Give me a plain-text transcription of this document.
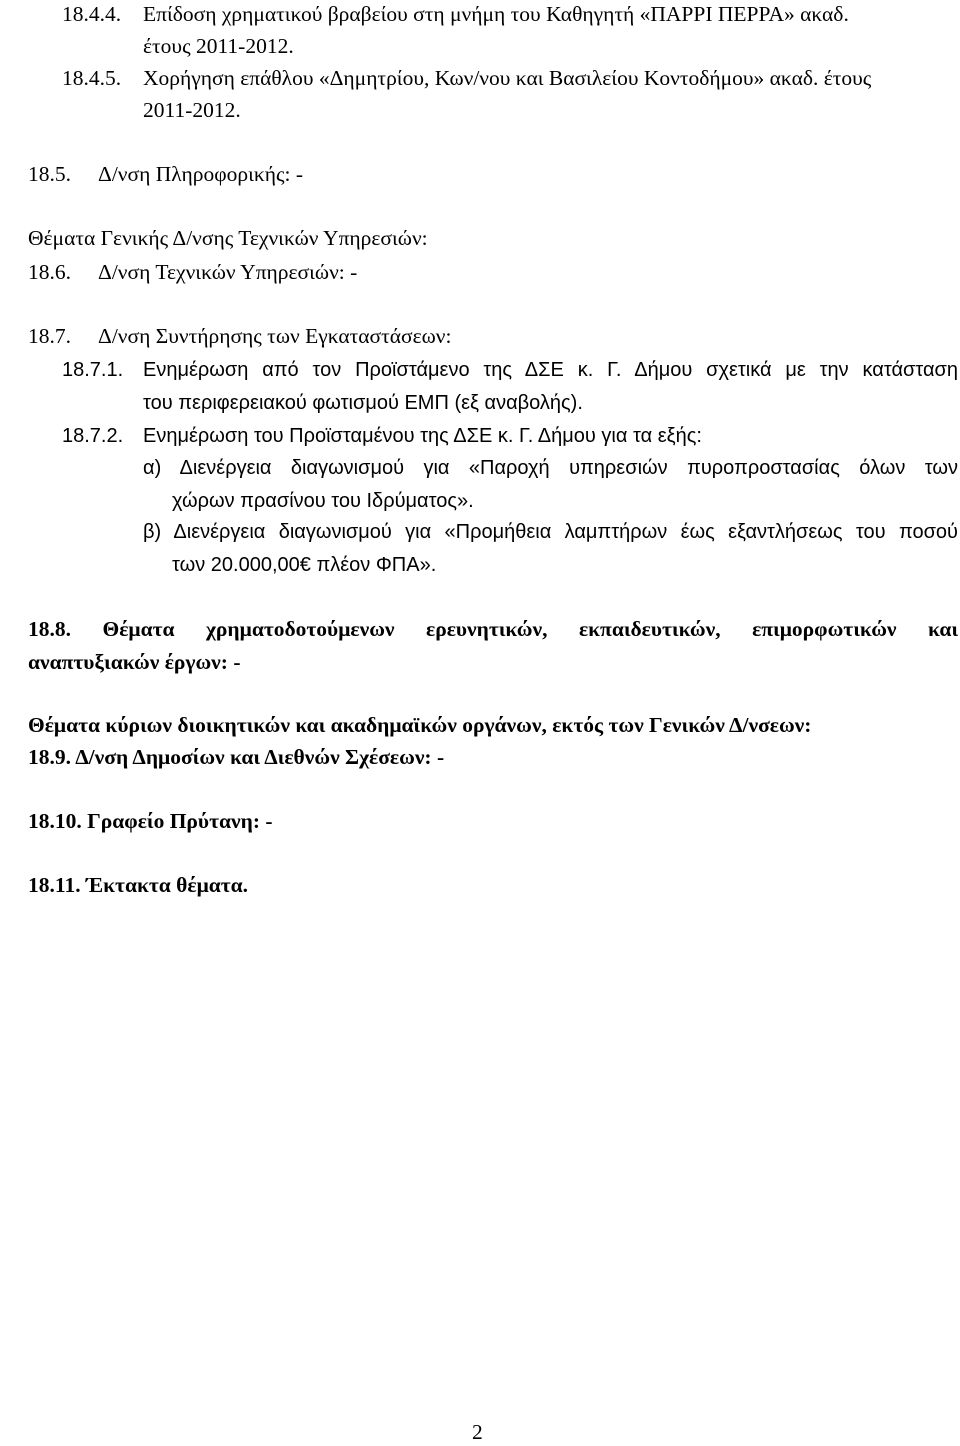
18.4.4. Επίδοση χρηματικού βραβείου στη μνήμη του Καθηγητή «ΠΑΡΡΙ ΠΕΡΡΑ» ακαδ.
έτους 2011-2012.
18.4.5. Χορήγηση επάθλου «Δημητρίου, Κων/νου και Βασιλείου Κοντοδήμου» ακαδ. έτους
2011-2012.
18.5. Δ/νση Πληροφορικής: -
Θέματα Γενικής Δ/νσης Τεχνικών Υπηρεσιών:
18.6. Δ/νση Τεχνικών Υπηρεσιών: -
18.7. Δ/νση Συντήρησης των Εγκαταστάσεων:
18.7.1. Ενημέρωση από τον Προϊστάμενο της ΔΣΕ κ. Γ. Δήμου σχετικά με την κατάσταση
του περιφερειακού φωτισμού ΕΜΠ (εξ αναβολής).
18.7.2. Ενημέρωση του Προϊσταμένου της ΔΣΕ κ. Γ. Δήμου για τα εξής:
α) Διενέργεια διαγωνισμού για «Παροχή υπηρεσιών πυροπροστασίας όλων των
χώρων πρασίνου του Ιδρύματος».
β) Διενέργεια διαγωνισμού για «Προμήθεια λαμπτήρων έως εξαντλήσεως του ποσού
των 20.000,00€ πλέον ΦΠΑ».
18.8. Θέματα χρηματοδοτούμενων ερευνητικών, εκπαιδευτικών, επιμορφωτικών και
αναπτυξιακών έργων: -
Θέματα κύριων διοικητικών και ακαδημαϊκών οργάνων, εκτός των Γενικών Δ/νσεων:
18.9. Δ/νση Δημοσίων και Διεθνών Σχέσεων: -
18.10. Γραφείο Πρύτανη: -
18.11. Έκτακτα θέματα.
2
